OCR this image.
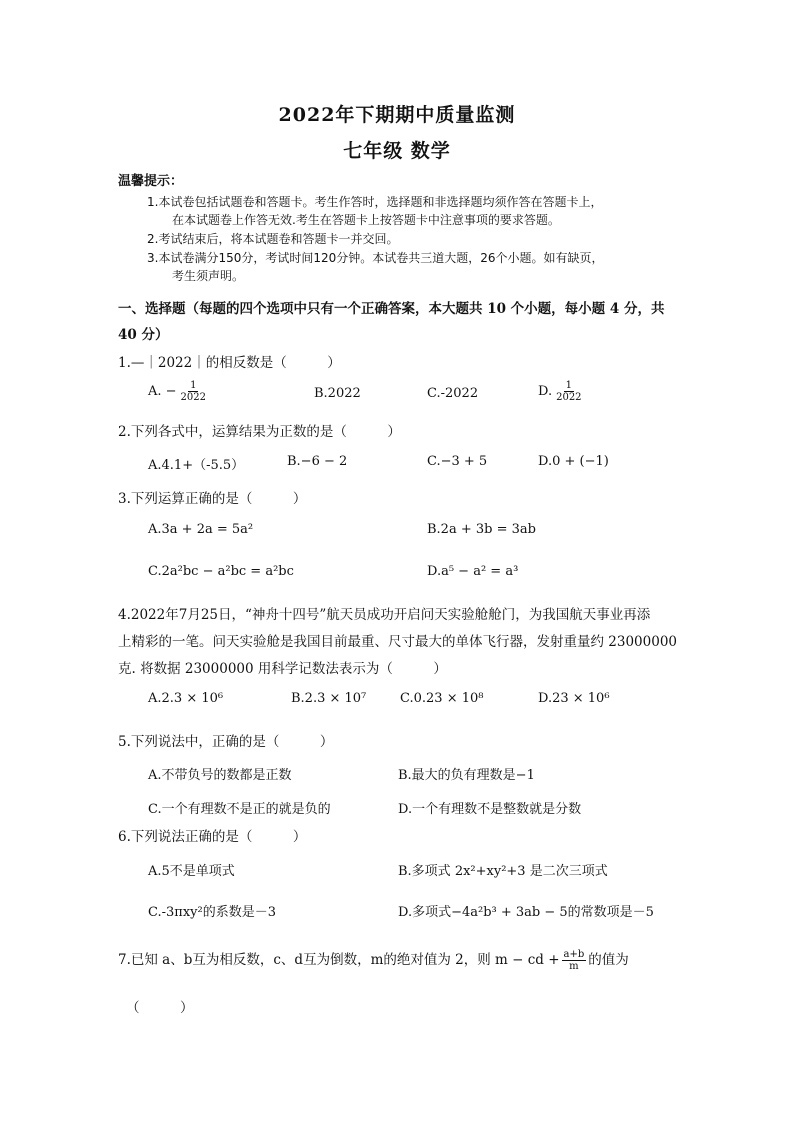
2022年下期期中质量监测
七年级 数学
温馨提示：
1.本试卷包括试题卷和答题卡。考生作答时，选择题和非选择题均须作答在答题卡上，
在本试题卷上作答无效.考生在答题卡上按答题卡中注意事项的要求答题。
2.考试结束后，将本试题卷和答题卡一并交回。
3.本试卷满分150分，考试时间120分钟。本试卷共三道大题，26个小题。如有缺页，
考生须声明。
一、选择题（每题的四个选项中只有一个正确答案，本大题共 10 个小题，每小题 4 分，共
40 分）
1.—｜2022｜的相反数是（　　　）
A. − $\frac{1}{2022}$	B.2022	C.-2022	D. $\frac{1}{2022}$
2.下列各式中，运算结果为正数的是（　　　）
A.4.1+（-5.5）	B.−6 − 2	C.−3 + 5	D.0 + (−1)
3.下列运算正确的是（　　　）
A.3a + 2a = 5a²	B.2a + 3b = 3ab
C.2a²bc − a²bc = a²bc	D.a⁵ − a² = a³
4.2022年7月25日，“神舟十四号”航天员成功开启问天实验舱舱门，为我国航天事业再添
上精彩的一笔。问天实验舱是我国目前最重、尺寸最大的单体飞行器，发射重量约 23000000
克. 将数据 23000000 用科学记数法表示为（　　　）
A.2.3 × 10⁶	B.2.3 × 10⁷	C.0.23 × 10⁸	D.23 × 10⁶
5.下列说法中，正确的是（　　　）
A.不带负号的数都是正数	B.最大的负有理数是−1
C.一个有理数不是正的就是负的	D.一个有理数不是整数就是分数
6.下列说法正确的是（　　　）
A.5不是单项式	B.多项式 2x²+xy²+3 是二次三项式
C.-3πxy²的系数是－3	D.多项式−4a²b³ + 3ab − 5的常数项是－5
7.已知 a、b互为相反数，c、d互为倒数，m的绝对值为 2，则 m − cd + $\frac{a+b}{m}$ 的值为
（　　　）
